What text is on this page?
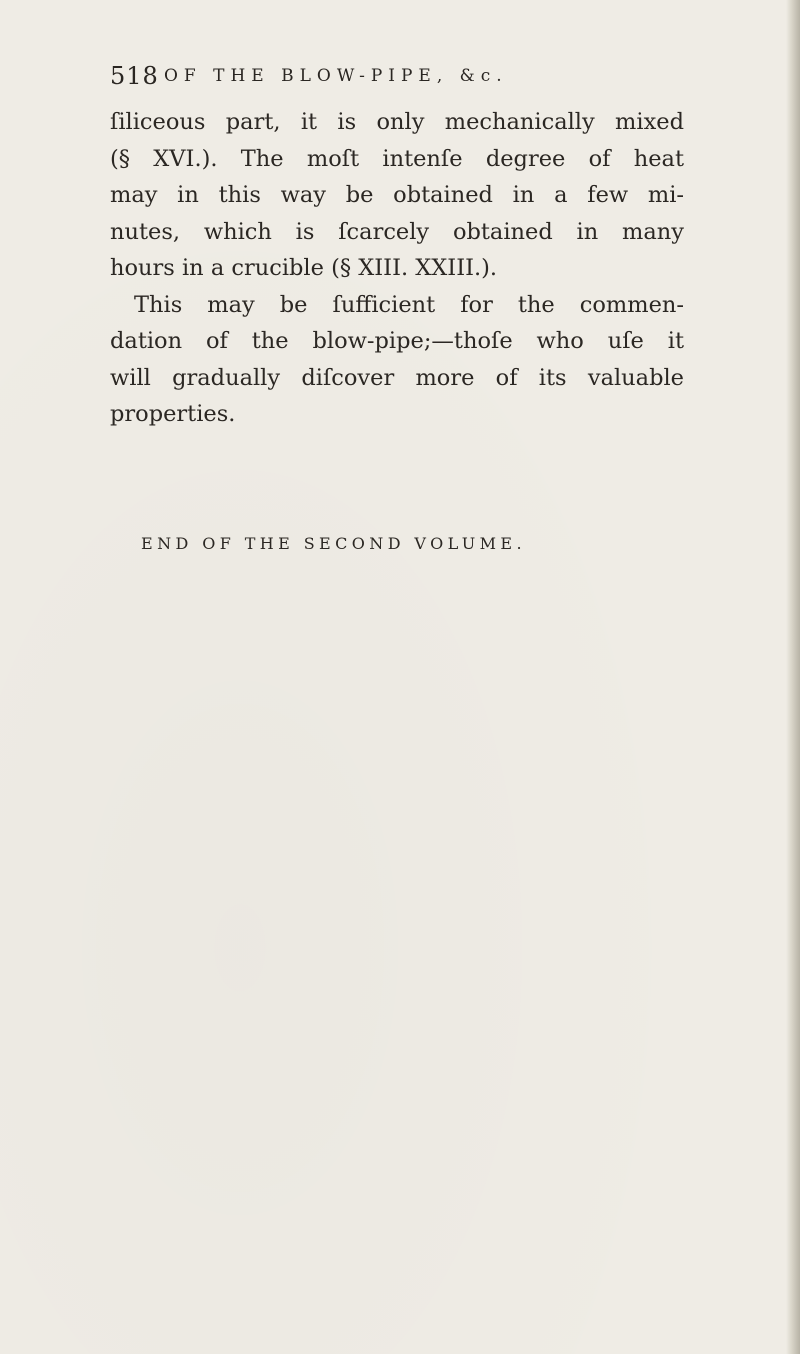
518 OF THE BLOW-PIPE, &c.
ſiliceous part, it is only mechanically mixed
(§ XVI.). The moſt intenſe degree of heat
may in this way be obtained in a few mi-
nutes, which is ſcarcely obtained in many
hours in a crucible (§ XIII. XXIII.).
This may be ſufficient for the commen-
dation of the blow-pipe;—thoſe who uſe it
will gradually diſcover more of its valuable
properties.
END OF THE SECOND VOLUME.
